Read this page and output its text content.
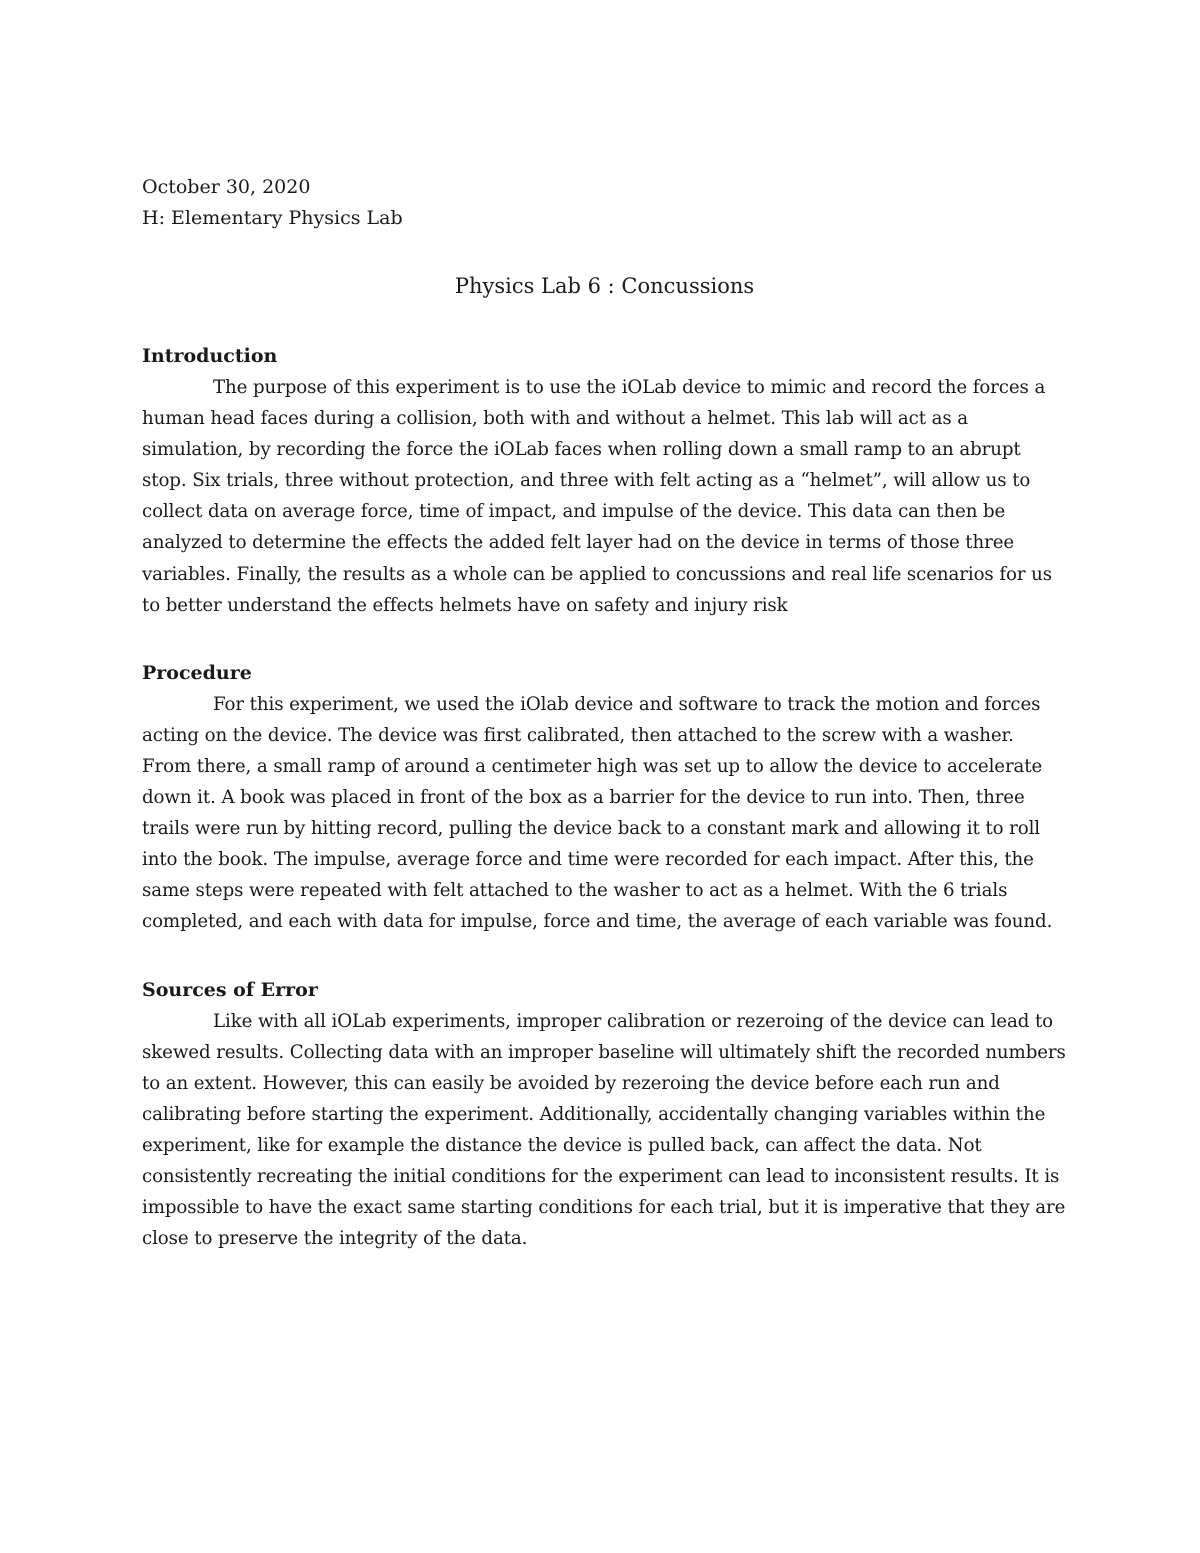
October 30, 2020

H: Elementary Physics Lab

Physics Lab 6 : Concussions
Introduction

The purpose of this experiment is to use the iOLab device to mimic and record the forces a human head faces during a collision, both with and without a helmet. This lab will act as a simulation, by recording the force the iOLab faces when rolling down a small ramp to an abrupt stop. Six trials, three without protection, and three with felt acting as a “helmet”, will allow us to collect data on average force, time of impact, and impulse of the device. This data can then be analyzed to determine the effects the added felt layer had on the device in terms of those three variables. Finally, the results as a whole can be applied to concussions and real life scenarios for us to better understand the effects helmets have on safety and injury risk

Procedure

For this experiment, we used the iOlab device and software to track the motion and forces acting on the device. The device was first calibrated, then attached to the screw with a washer. From there, a small ramp of around a centimeter high was set up to allow the device to accelerate down it. A book was placed in front of the box as a barrier for the device to run into. Then, three trails were run by hitting record, pulling the device back to a constant mark and allowing it to roll into the book. The impulse, average force and time were recorded for each impact. After this, the same steps were repeated with felt attached to the washer to act as a helmet. With the 6 trials completed, and each with data for impulse, force and time, the average of each variable was found.

Sources of Error

Like with all iOLab experiments, improper calibration or rezeroing of the device can lead to skewed results. Collecting data with an improper baseline will ultimately shift the recorded numbers to an extent. However, this can easily be avoided by rezeroing the device before each run and calibrating before starting the experiment. Additionally, accidentally changing variables within the experiment, like for example the distance the device is pulled back, can affect the data. Not consistently recreating the initial conditions for the experiment can lead to inconsistent results. It is impossible to have the exact same starting conditions for each trial, but it is imperative that they are close to preserve the integrity of the data.
